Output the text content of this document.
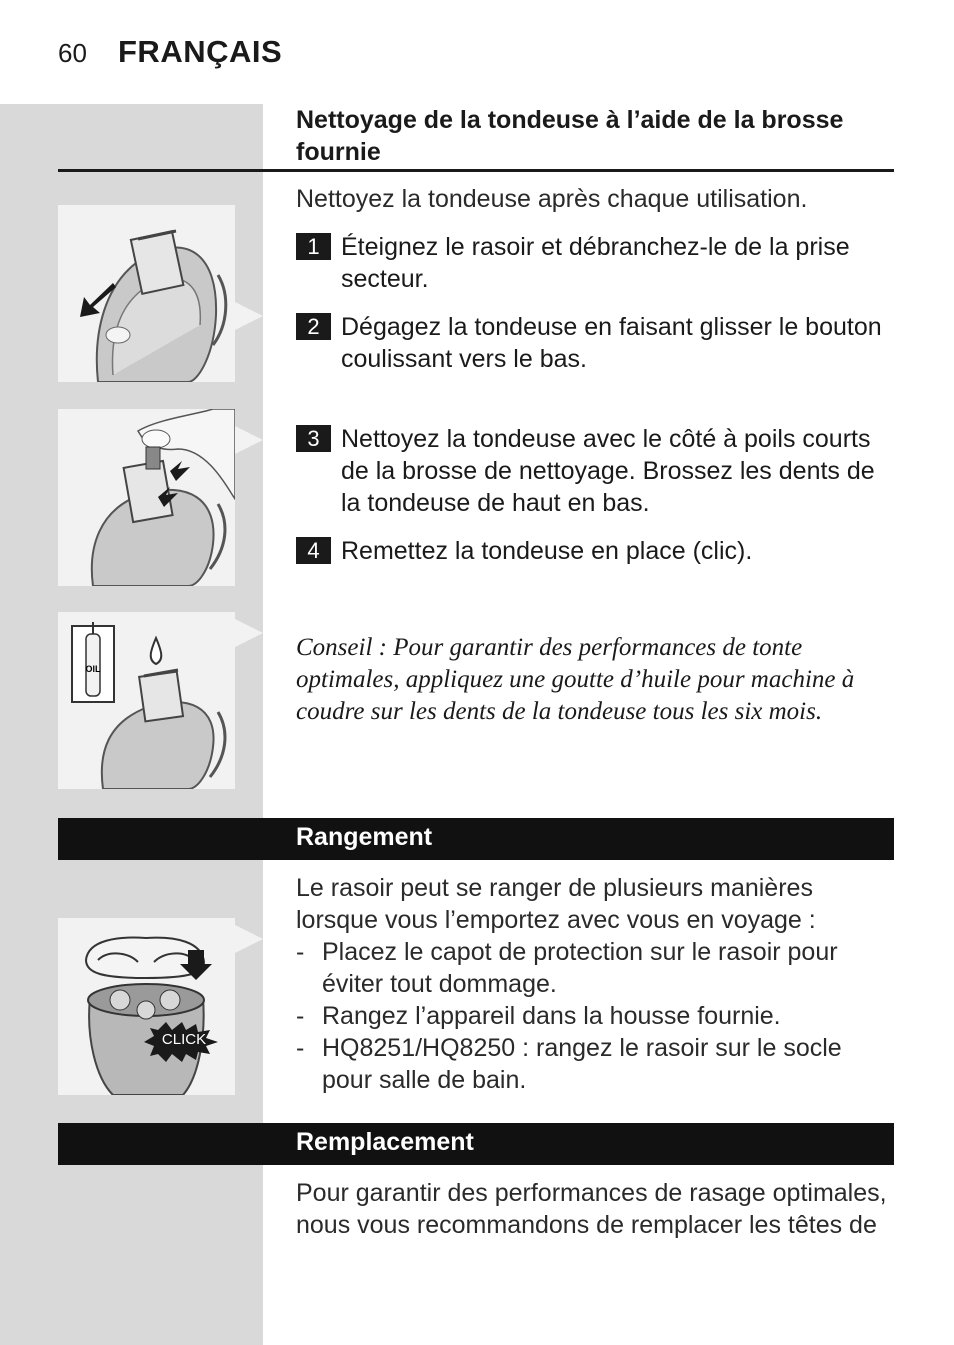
60 FRANÇAIS
Nettoyage de la tondeuse à l’aide de la brosse fournie
Nettoyez la tondeuse après chaque utilisation.
1 Éteignez le rasoir et débranchez-le de la prise secteur.
2 Dégagez la tondeuse en faisant glisser le bouton coulissant vers le bas.
3 Nettoyez la tondeuse avec le côté à poils courts de la brosse de nettoyage. Brossez les dents de la tondeuse de haut en bas.
4 Remettez la tondeuse en place (clic).
Conseil : Pour garantir des performances de tonte optimales, appliquez une goutte d’huile pour machine à coudre sur les dents de la tondeuse tous les six mois.
OIL
Rangement
Le rasoir peut se ranger de plusieurs manières lorsque vous l’emportez avec vous en voyage :
- Placez le capot de protection sur le rasoir pour éviter tout dommage.
- Rangez l’appareil dans la housse fournie.
- HQ8251/HQ8250 : rangez le rasoir sur le socle pour salle de bain.
CLICK
Remplacement
Pour garantir des performances de rasage optimales, nous vous recommandons de remplacer les têtes de
